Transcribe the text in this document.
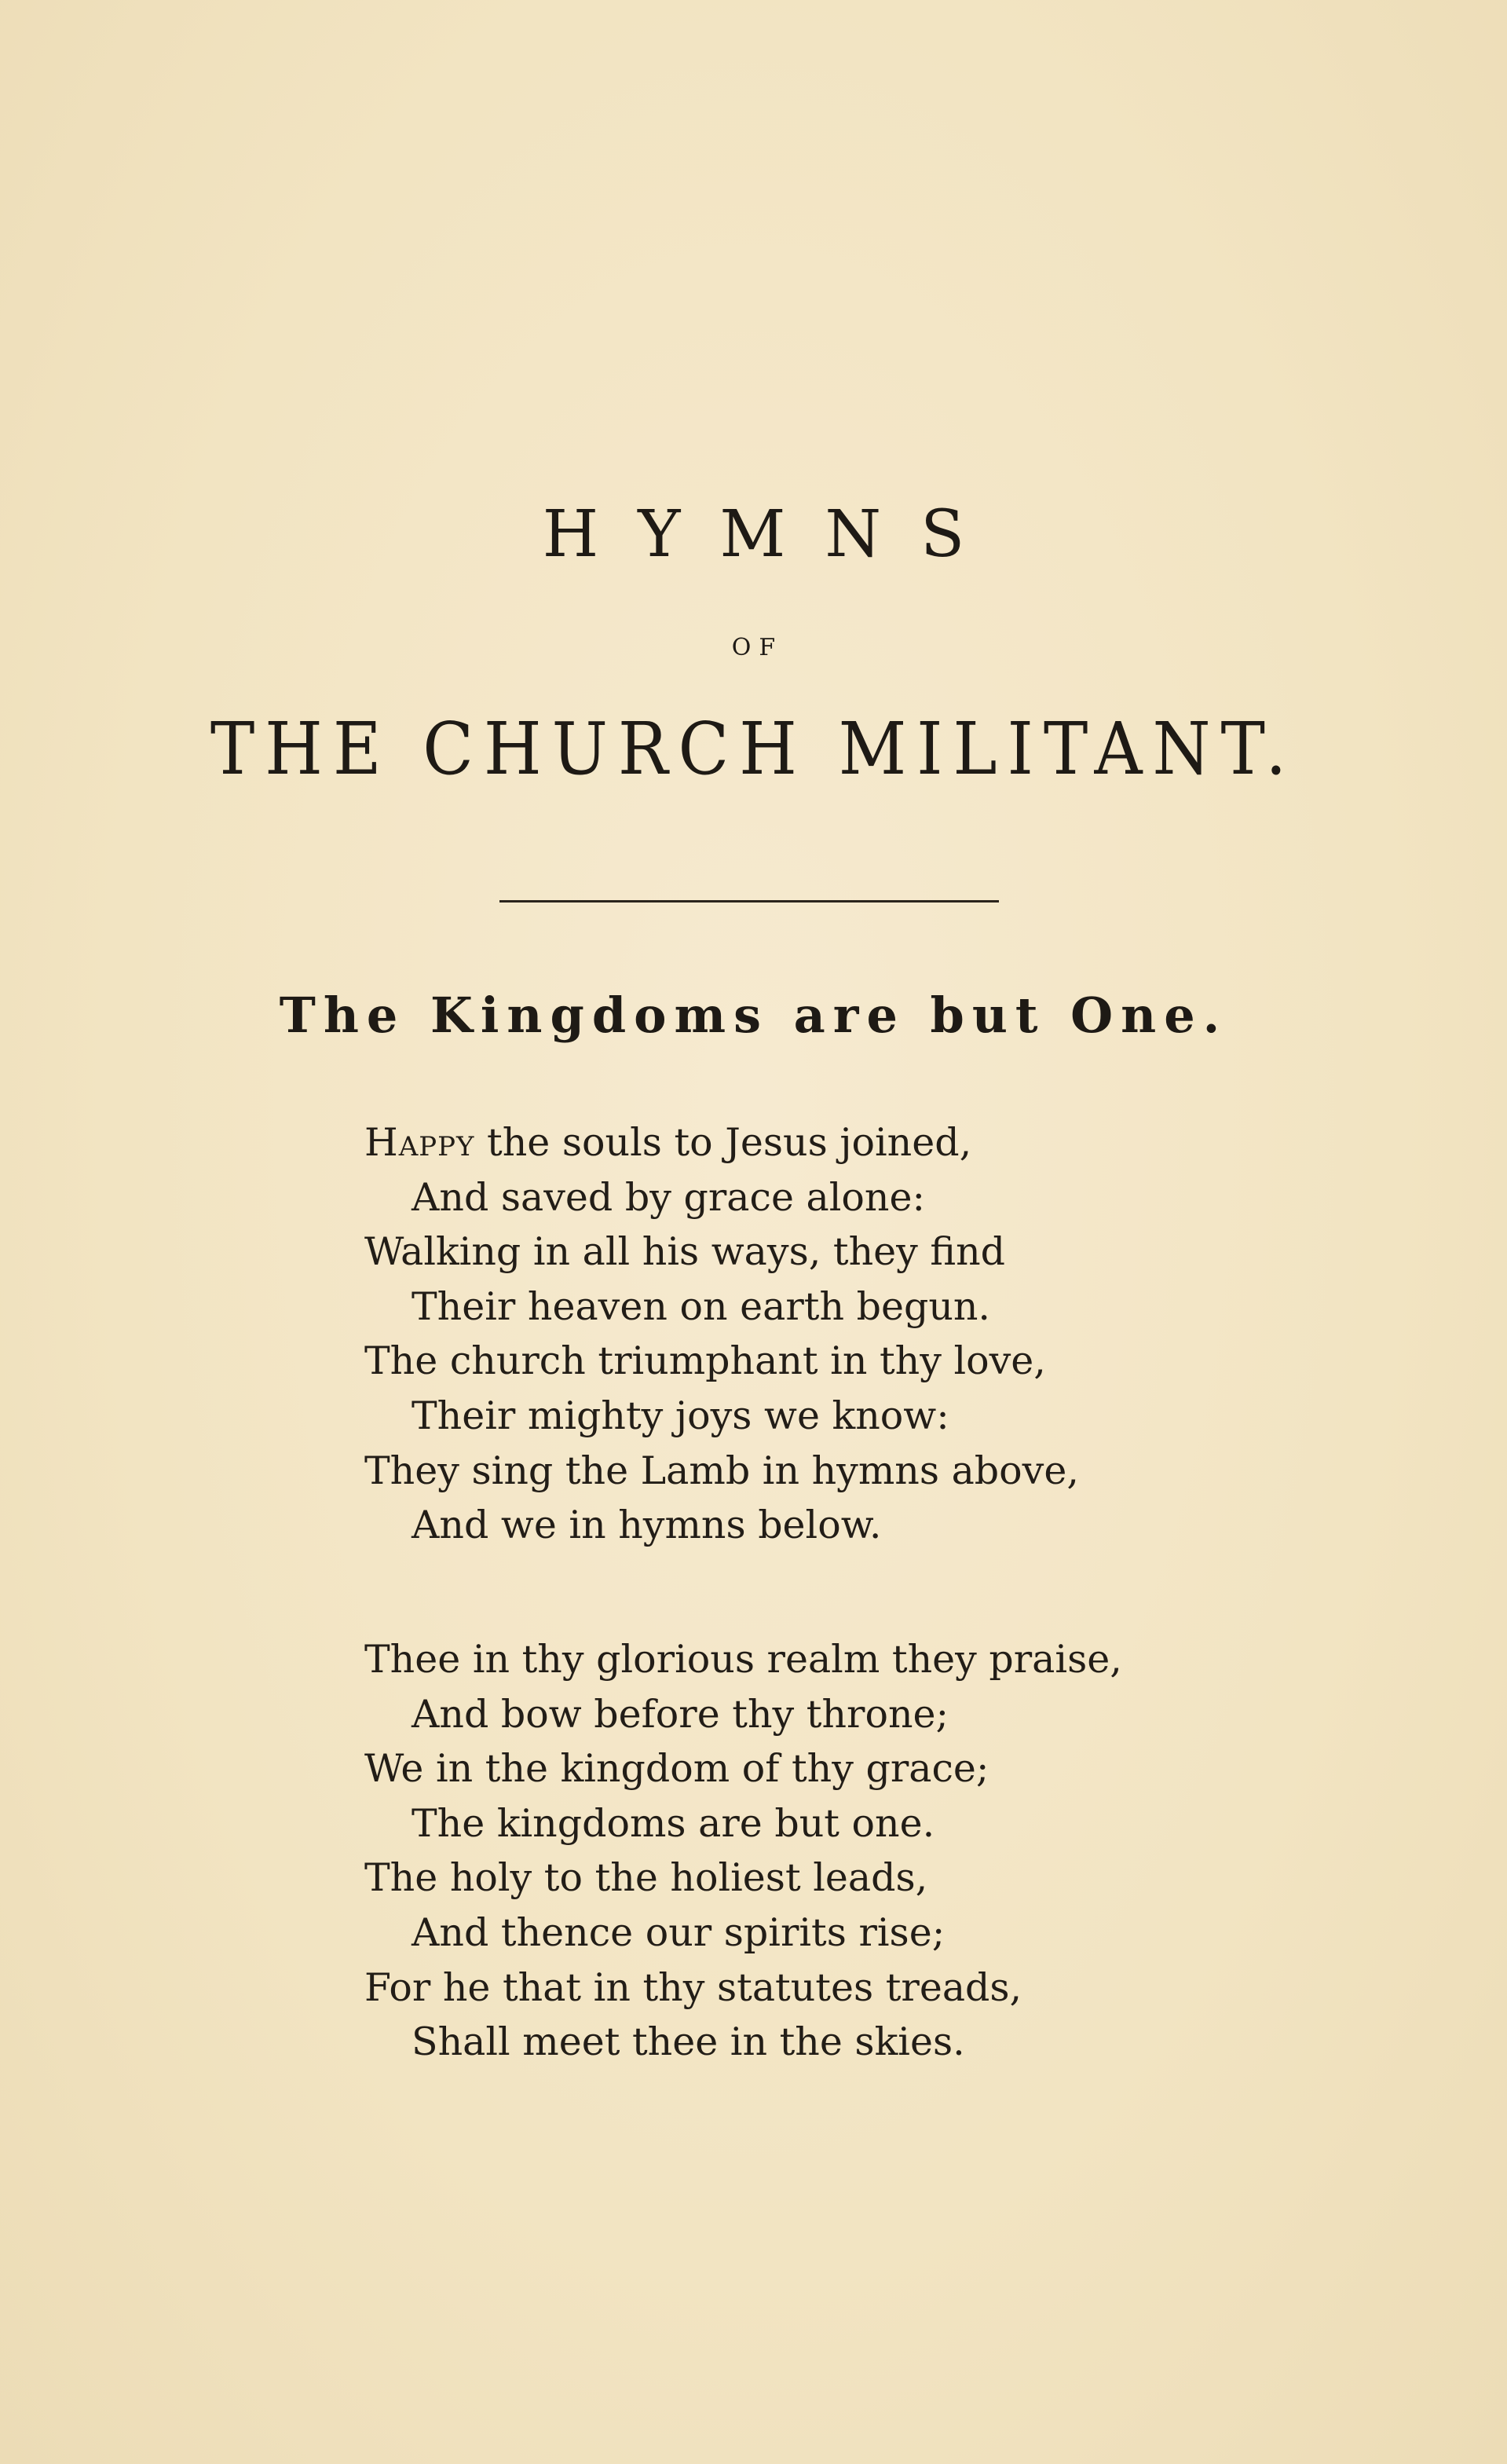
HYMNS
OF
THE CHURCH MILITANT.
The Kingdoms are but One.
Happy the souls to Jesus joined,
And saved by grace alone:
Walking in all his ways, they find
Their heaven on earth begun.
The church triumphant in thy love,
Their mighty joys we know:
They sing the Lamb in hymns above,
And we in hymns below.
Thee in thy glorious realm they praise,
And bow before thy throne;
We in the kingdom of thy grace;
The kingdoms are but one.
The holy to the holiest leads,
And thence our spirits rise;
For he that in thy statutes treads,
Shall meet thee in the skies.
